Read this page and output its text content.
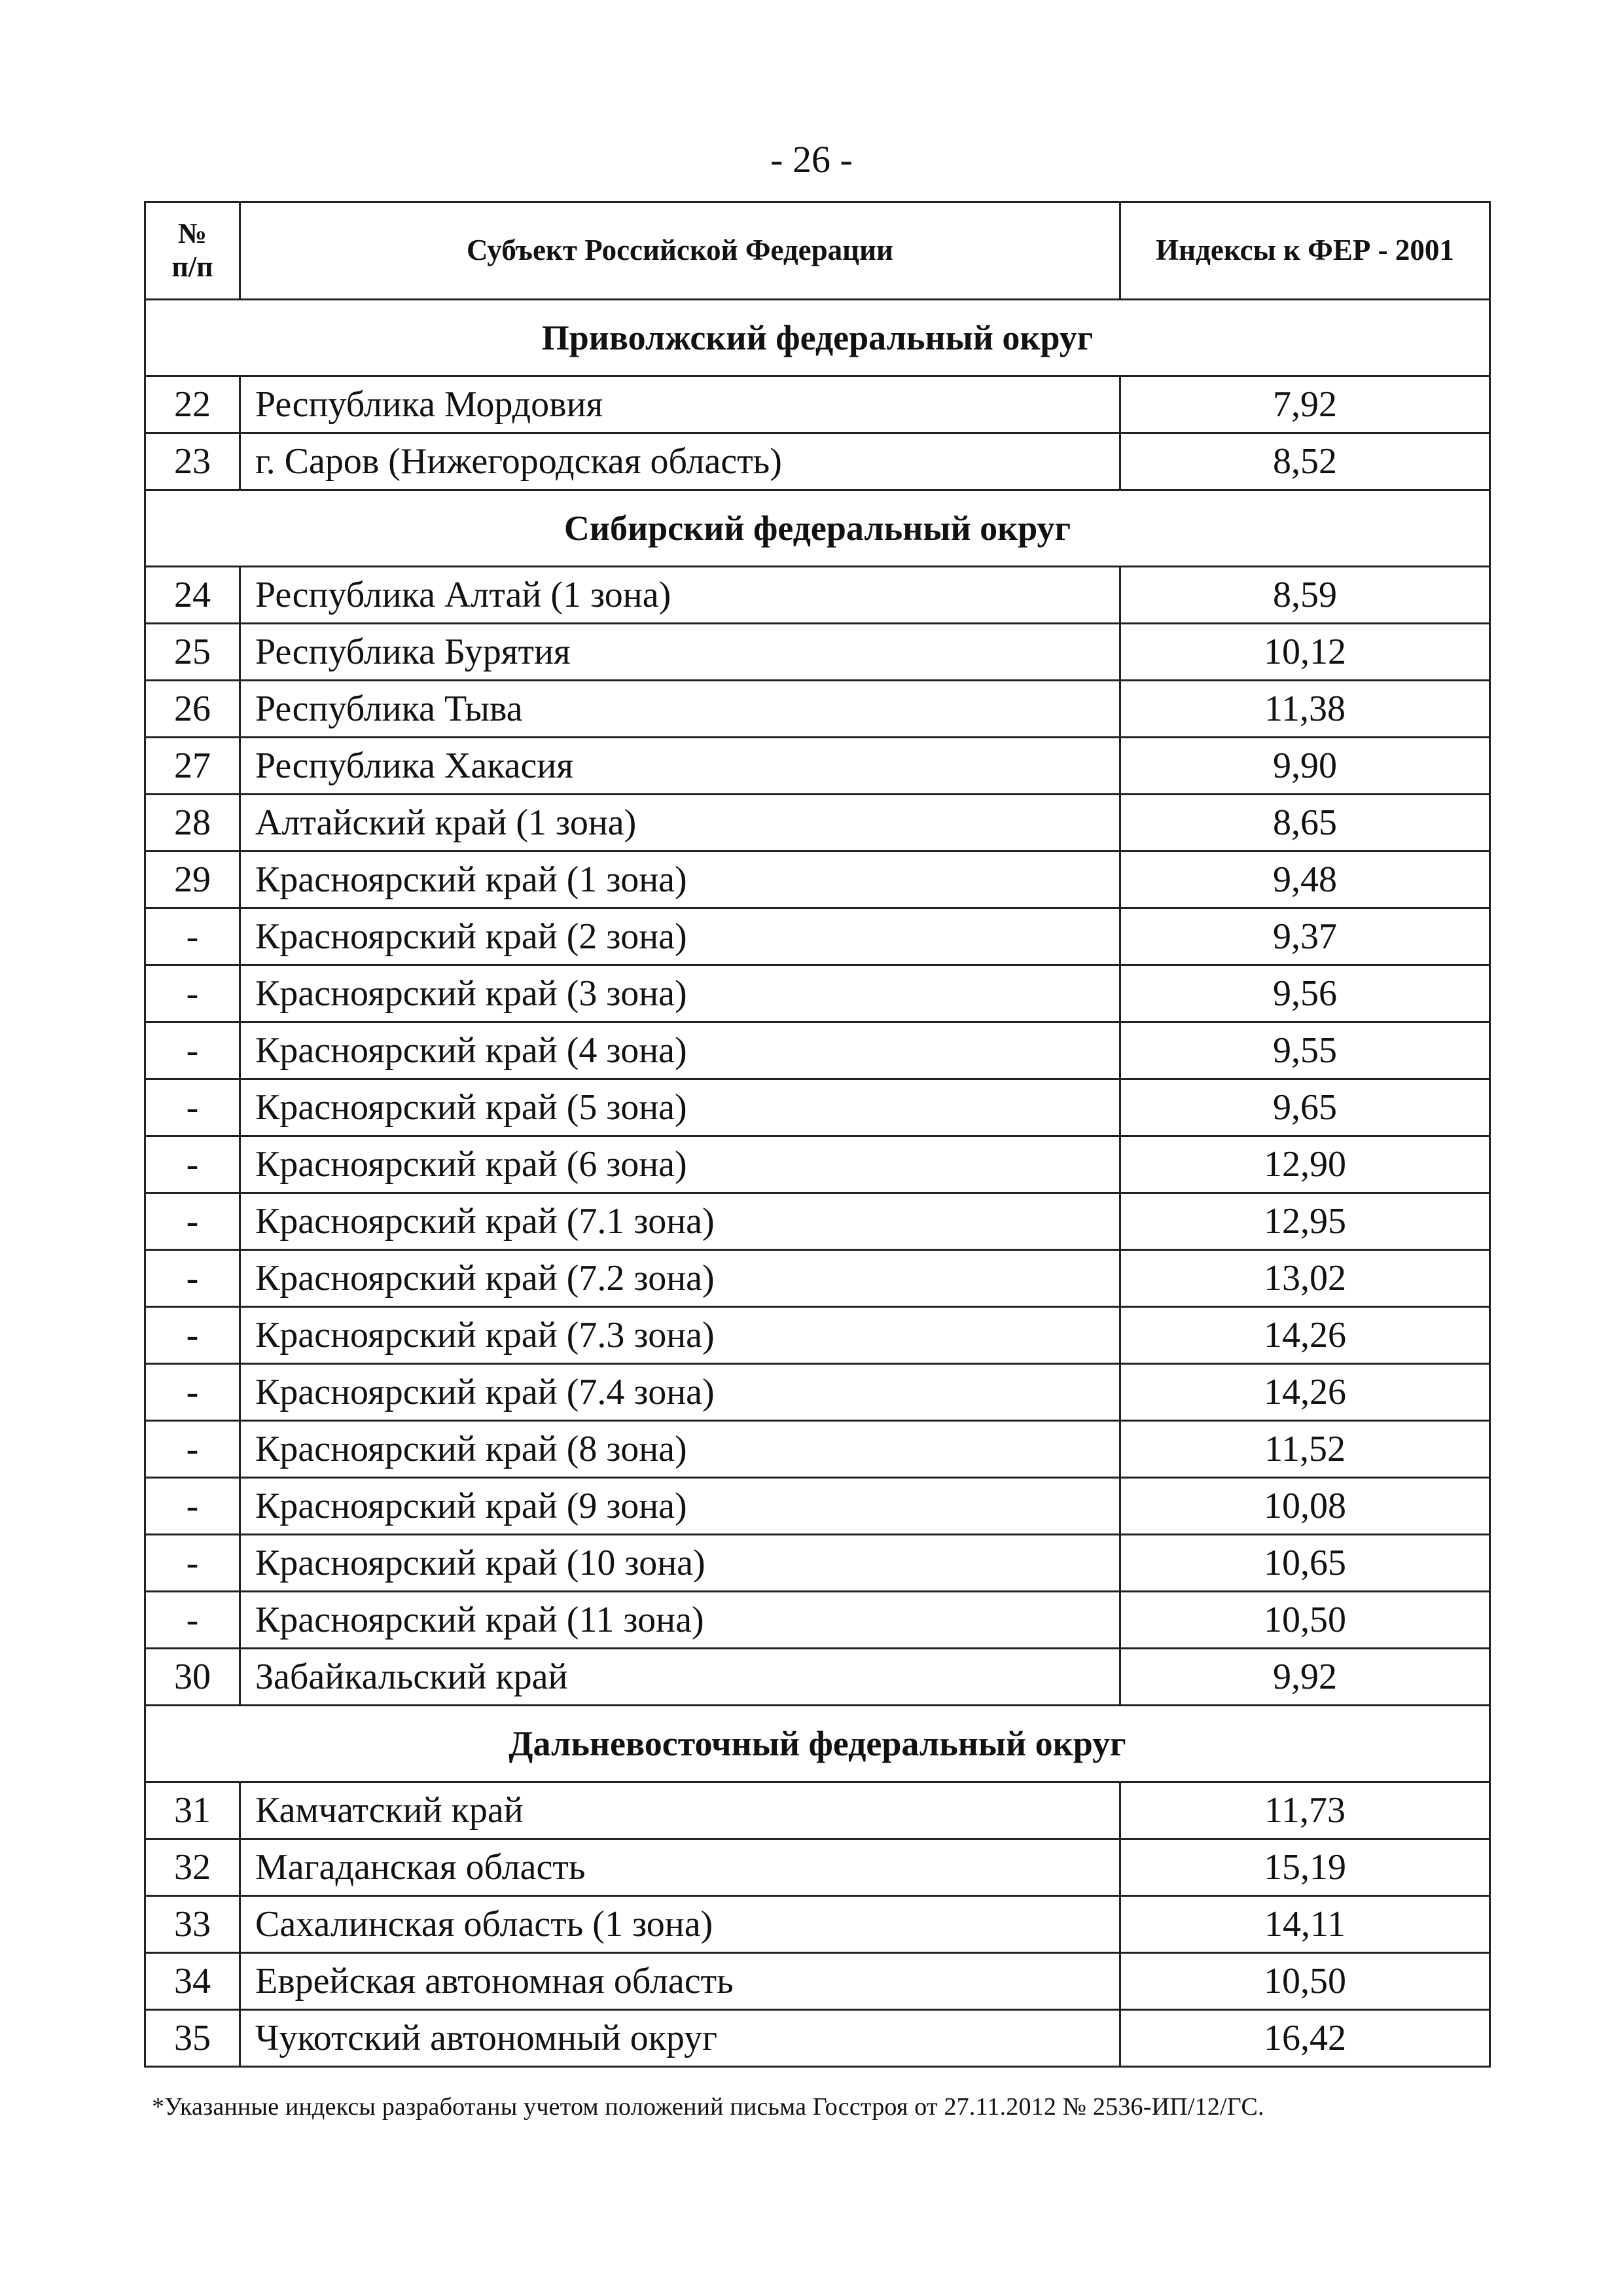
- 26 -
№
п/п	Субъект Российской Федерации	Индексы к ФЕР - 2001
Приволжский федеральный округ		
22	Республика Мордовия	7,92
23	г. Саров (Нижегородская область)	8,52
Сибирский федеральный округ		
24	Республика Алтай (1 зона)	8,59
25	Республика Бурятия	10,12
26	Республика Тыва	11,38
27	Республика Хакасия	9,90
28	Алтайский край (1 зона)	8,65
29	Красноярский край (1 зона)	9,48
-	Красноярский край (2 зона)	9,37
-	Красноярский край (3 зона)	9,56
-	Красноярский край (4 зона)	9,55
-	Красноярский край (5 зона)	9,65
-	Красноярский край (6 зона)	12,90
-	Красноярский край (7.1 зона)	12,95
-	Красноярский край (7.2 зона)	13,02
-	Красноярский край (7.3 зона)	14,26
-	Красноярский край (7.4 зона)	14,26
-	Красноярский край (8 зона)	11,52
-	Красноярский край (9 зона)	10,08
-	Красноярский край (10 зона)	10,65
-	Красноярский край (11 зона)	10,50
30	Забайкальский край	9,92
Дальневосточный федеральный округ		
31	Камчатский край	11,73
32	Магаданская область	15,19
33	Сахалинская область (1 зона)	14,11
34	Еврейская автономная область	10,50
35	Чукотский автономный округ	16,42
*Указанные индексы разработаны учетом положений письма Госстроя от 27.11.2012 № 2536-ИП/12/ГС.
